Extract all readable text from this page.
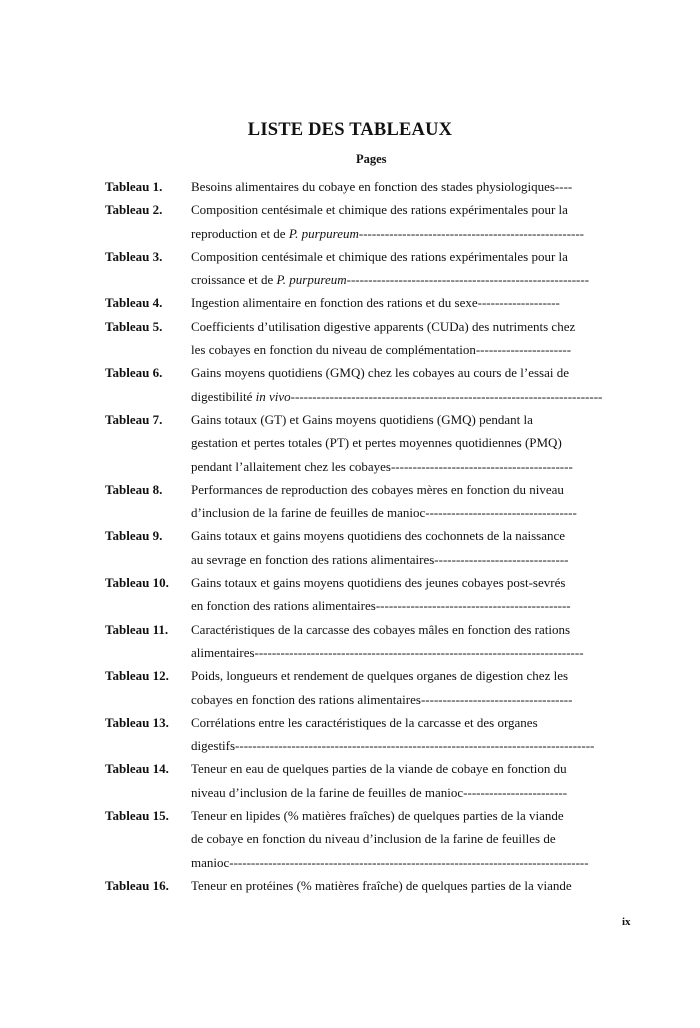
LISTE DES TABLEAUX
Pages
Tableau 1. Besoins alimentaires du cobaye en fonction des stades physiologiques----
Tableau 2. Composition centésimale et chimique des rations expérimentales pour la
reproduction et de P. purpureum----------------------------------------------------
Tableau 3. Composition centésimale et chimique des rations expérimentales pour la
croissance et de P. purpureum--------------------------------------------------------
Tableau 4. Ingestion alimentaire en fonction des rations et du sexe-------------------
Tableau 5. Coefficients d’utilisation digestive apparents (CUDa) des nutriments chez
les cobayes en fonction du niveau de complémentation----------------------
Tableau 6. Gains moyens quotidiens (GMQ) chez les cobayes au cours de l’essai de
digestibilité in vivo------------------------------------------------------------------------
Tableau 7. Gains totaux (GT) et Gains moyens quotidiens (GMQ) pendant la
gestation et pertes totales (PT) et pertes moyennes quotidiennes (PMQ)
pendant l’allaitement chez les cobayes------------------------------------------
Tableau 8. Performances de reproduction des cobayes mères en fonction du niveau
d’inclusion de la farine de feuilles de manioc-----------------------------------
Tableau 9. Gains totaux et gains moyens quotidiens des cochonnets de la naissance
au sevrage en fonction des rations alimentaires-------------------------------
Tableau 10. Gains totaux et gains moyens quotidiens des jeunes cobayes post-sevrés
en fonction des rations alimentaires---------------------------------------------
Tableau 11. Caractéristiques de la carcasse des cobayes mâles en fonction des rations
alimentaires----------------------------------------------------------------------------
Tableau 12. Poids, longueurs et rendement de quelques organes de digestion chez les
cobayes en fonction des rations alimentaires-----------------------------------
Tableau 13. Corrélations entre les caractéristiques de la carcasse et des organes
digestifs-----------------------------------------------------------------------------------
Tableau 14. Teneur en eau de quelques parties de la viande de cobaye en fonction du
niveau d’inclusion de la farine de feuilles de manioc------------------------
Tableau 15. Teneur en lipides (% matières fraîches) de quelques parties de la viande
de cobaye en fonction du niveau d’inclusion de la farine de feuilles de
manioc-----------------------------------------------------------------------------------
Tableau 16. Teneur en protéines (% matières fraîche) de quelques parties de la viande
ix
